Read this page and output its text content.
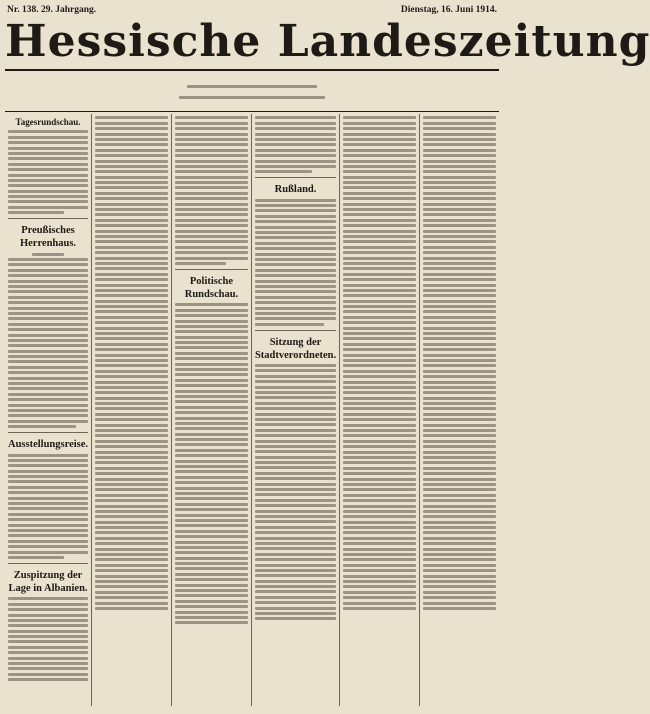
Nr. 138. 29. Jahrgang.	Dienstag, 16. Juni 1914.
Hessische Landeszeitung
Tagesrundschau.
Preußisches Herrenhaus.
Ausstellungsreise.
Zuspitzung der Lage in Albanien.
Politische Rundschau.
Rußland.
Sitzung der Stadtverordneten.
